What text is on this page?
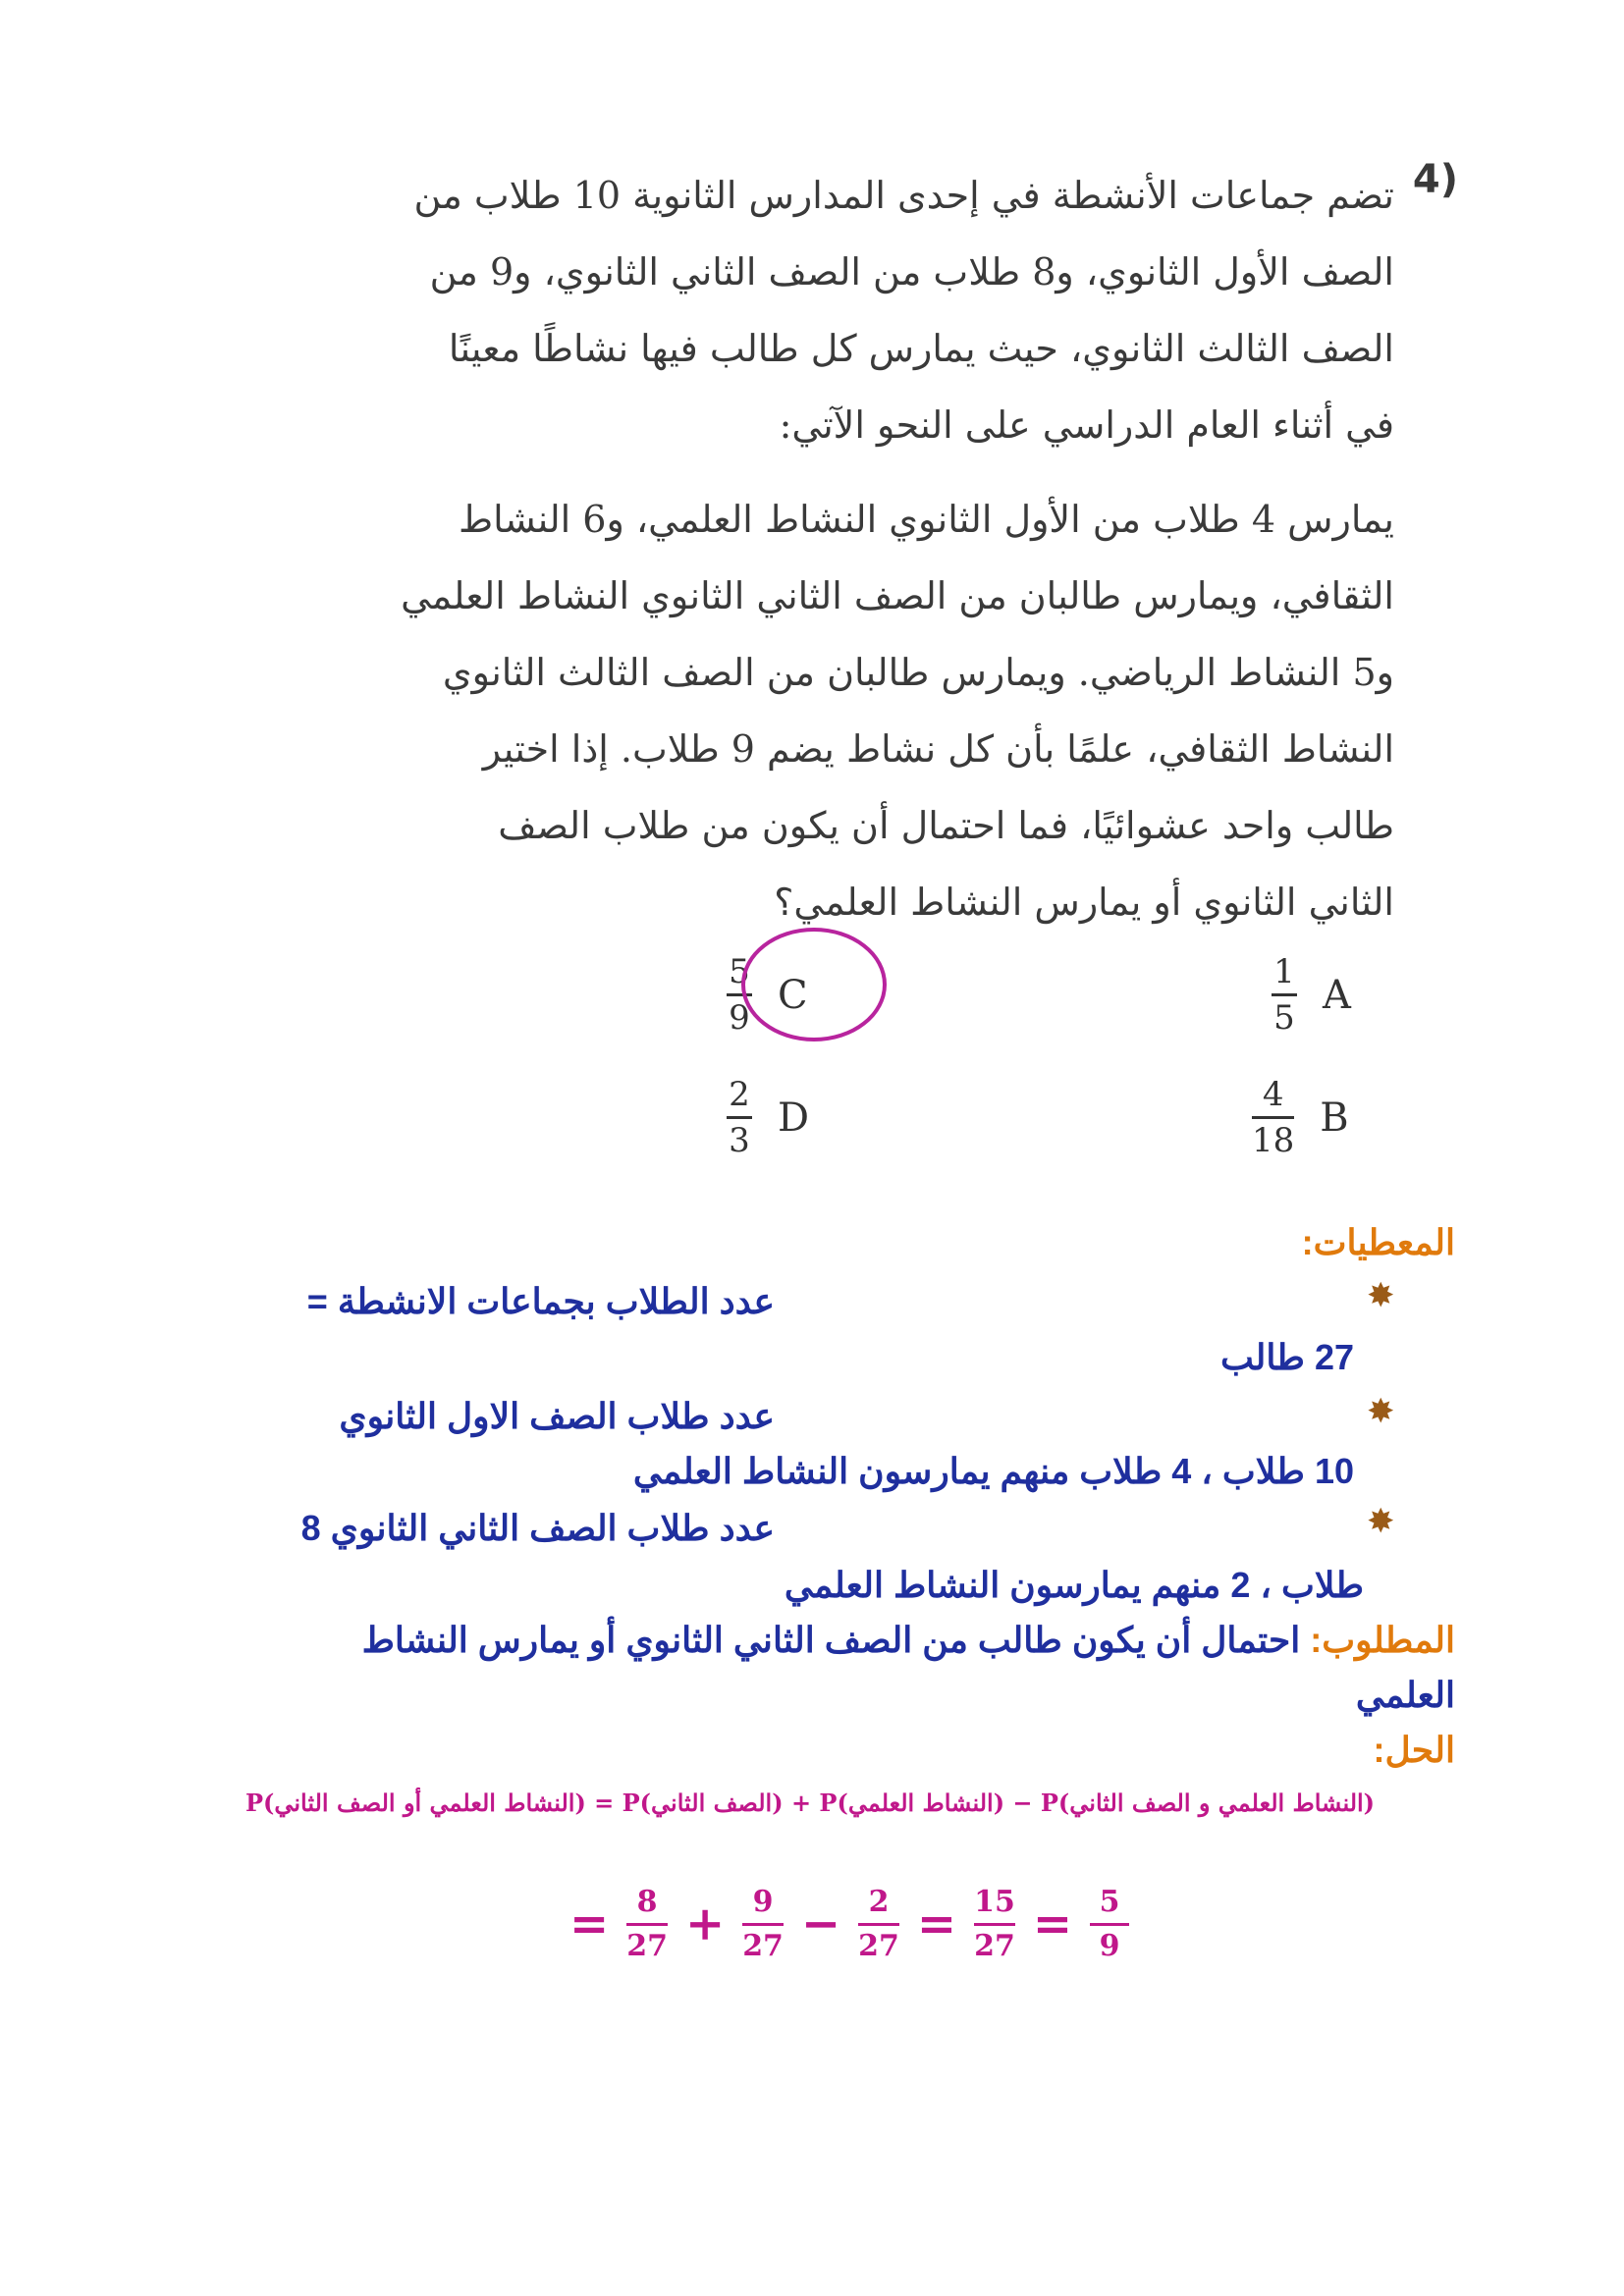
4)
تضم جماعات الأنشطة في إحدى المدارس الثانوية 10 طلاب من
الصف الأول الثانوي، و8 طلاب من الصف الثاني الثانوي، و9 من
الصف الثالث الثانوي، حيث يمارس كل طالب فيها نشاطًا معينًا
في أثناء العام الدراسي على النحو الآتي:
يمارس 4 طلاب من الأول الثانوي النشاط العلمي، و6 النشاط
الثقافي، ويمارس طالبان من الصف الثاني الثانوي النشاط العلمي
و5 النشاط الرياضي. ويمارس طالبان من الصف الثالث الثانوي
النشاط الثقافي، علمًا بأن كل نشاط يضم 9 طلاب. إذا اختير
طالب واحد عشوائيًا، فما احتمال أن يكون من طلاب الصف
الثاني الثانوي أو يمارس النشاط العلمي؟
$\frac{1}{5}$ A
$\frac{4}{18}$ B
$\frac{5}{9}$ C
$\frac{2}{3}$ D
المعطيات:
✸
عدد الطلاب بجماعات الانشطة =
27 طالب
✸
عدد طلاب الصف الاول الثانوي
10 طلاب ، 4 طلاب منهم يمارسون النشاط العلمي
✸
عدد طلاب الصف الثاني الثانوي 8
طلاب ، 2 منهم يمارسون النشاط العلمي
المطلوب: احتمال أن يكون طالب من الصف الثاني الثانوي أو يمارس النشاط
العلمي
الحل:
P(النشاط العلمي أو الصف الثاني) = P(الصف الثاني) + P(النشاط العلمي) − P(النشاط العلمي و الصف الثاني)
= $\frac{8}{27} + \frac{9}{27} - \frac{2}{27} = \frac{15}{27} = \frac{5}{9}$
